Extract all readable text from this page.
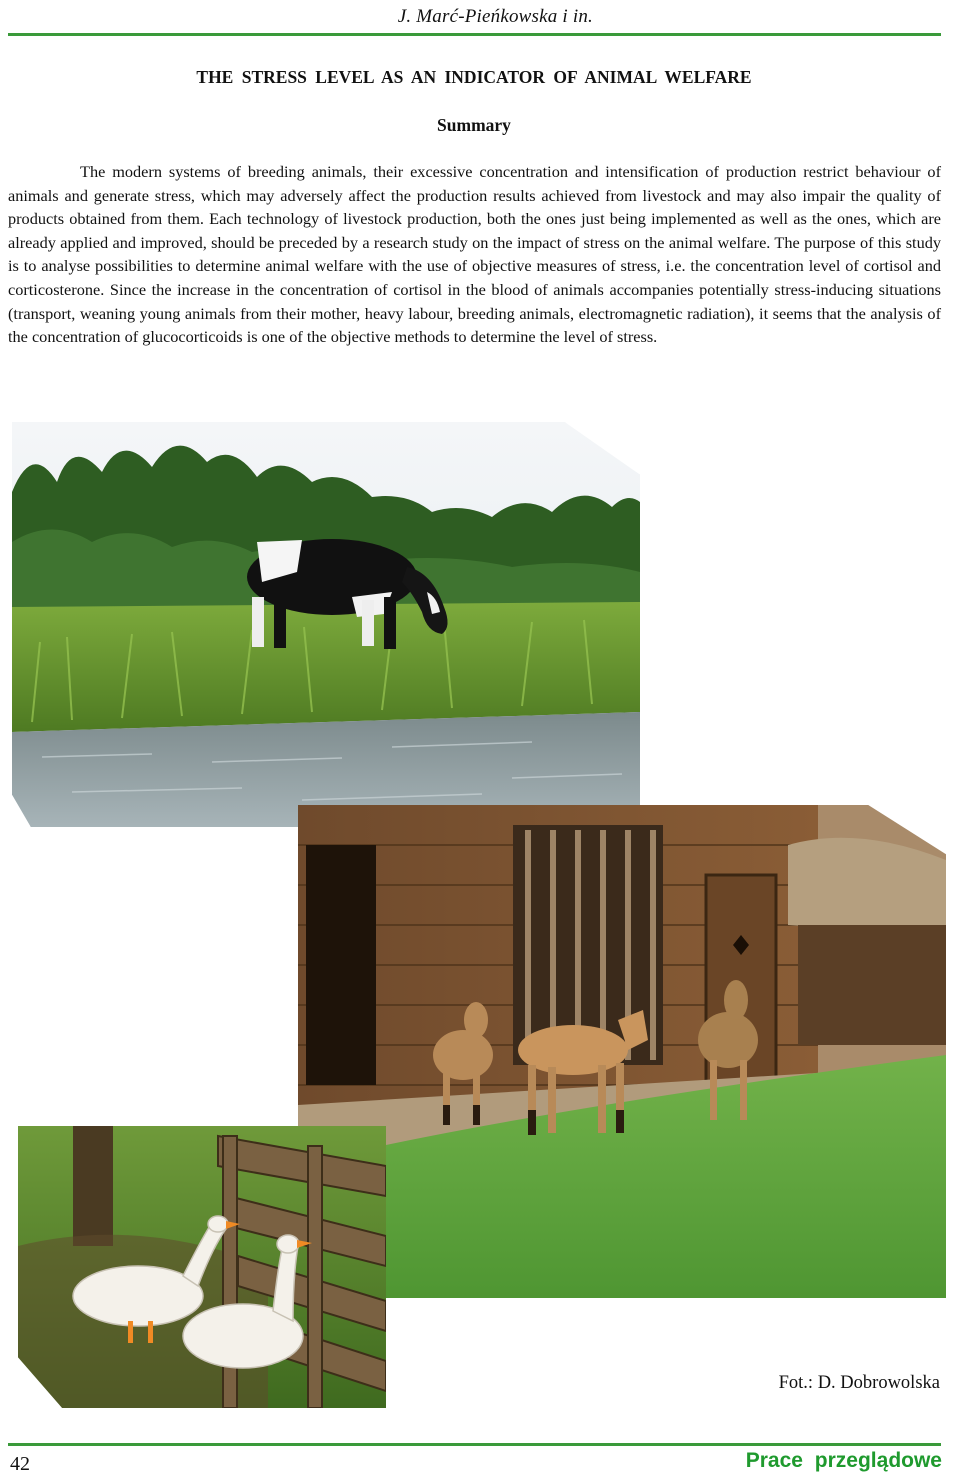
J. Marć-Pieńkowska i in.
THE STRESS LEVEL AS AN INDICATOR OF ANIMAL WELFARE
Summary
The modern systems of breeding animals, their excessive concentration and intensification of production restrict behaviour of animals and generate stress, which may adversely affect the production results achieved from livestock and may also impair the quality of products obtained from them. Each technology of livestock production, both the ones just being implemented as well as the ones, which are already applied and improved, should be preceded by a research study on the impact of stress on the animal welfare. The purpose of this study is to analyse possibilities to determine animal welfare with the use of objective measures of stress, i.e. the concentration level of cortisol and corticosterone. Since the increase in the concentration of cortisol in the blood of animals accompanies potentially stress-inducing situations (transport, weaning young animals from their mother, heavy labour, breeding animals, electromagnetic radiation), it seems that the analysis of the concentration of glucocorticoids is one of the objective methods to determine the level of stress.
Fot.: D. Dobrowolska
42	Prace przeglądowe
